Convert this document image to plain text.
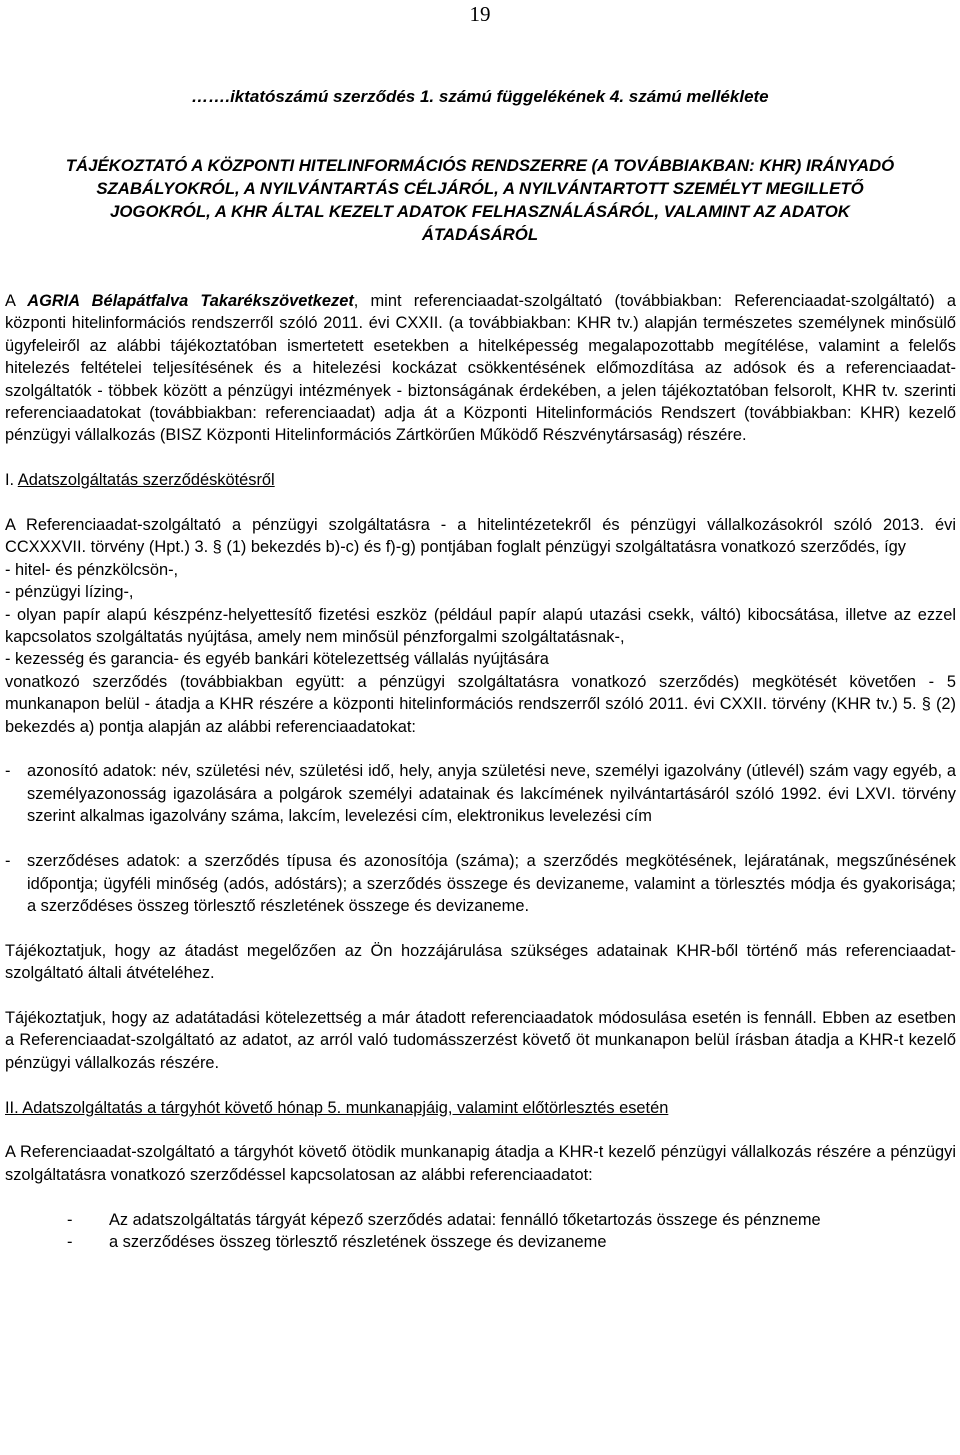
19
…….iktatószámú szerződés 1. számú függelékének 4. számú melléklete
TÁJÉKOZTATÓ A KÖZPONTI HITELINFORMÁCIÓS RENDSZERRE (A TOVÁBBIAKBAN: KHR) IRÁNYADÓ SZABÁLYOKRÓL, A NYILVÁNTARTÁS CÉLJÁRÓL, A NYILVÁNTARTOTT SZEMÉLYT MEGILLETŐ JOGOKRÓL, A KHR ÁLTAL KEZELT ADATOK FELHASZNÁLÁSÁRÓL, VALAMINT AZ ADATOK ÁTADÁSÁRÓL

A AGRIA Bélapátfalva Takarékszövetkezet, mint referenciaadat-szolgáltató (továbbiakban: Referenciaadat-szolgáltató) a központi hitelinformációs rendszerről szóló 2011. évi CXXII. (a továbbiakban: KHR tv.) alapján természetes személynek minősülő ügyfeleiről az alábbi tájékoztatóban ismertetett esetekben a hitelképesség megalapozottabb megítélése, valamint a felelős hitelezés feltételei teljesítésének és a hitelezési kockázat csökkentésének előmozdítása az adósok és a referenciaadat-szolgáltatók - többek között a pénzügyi intézmények - biztonságának érdekében, a jelen tájékoztatóban felsorolt, KHR tv. szerinti referenciaadatokat (továbbiakban: referenciaadat) adja át a Központi Hitelinformációs Rendszert (továbbiakban: KHR) kezelő pénzügyi vállalkozás (BISZ Központi Hitelinformációs Zártkörűen Működő Részvénytársaság) részére.

I. Adatszolgáltatás szerződéskötésről

A Referenciaadat-szolgáltató a pénzügyi szolgáltatásra - a hitelintézetekről és pénzügyi vállalkozásokról szóló 2013. évi CCXXXVII. törvény (Hpt.) 3. § (1) bekezdés b)-c) és f)-g) pontjában foglalt pénzügyi szolgáltatásra vonatkozó szerződés, így

- hitel- és pénzkölcsön-,

- pénzügyi lízing-,

- olyan papír alapú készpénz-helyettesítő fizetési eszköz (például papír alapú utazási csekk, váltó) kibocsátása, illetve az ezzel kapcsolatos szolgáltatás nyújtása, amely nem minősül pénzforgalmi szolgáltatásnak-,

- kezesség és garancia- és egyéb bankári kötelezettség vállalás nyújtására

vonatkozó szerződés (továbbiakban együtt: a pénzügyi szolgáltatásra vonatkozó szerződés) megkötését követően - 5 munkanapon belül - átadja a KHR részére a központi hitelinformációs rendszerről szóló 2011. évi CXXII. törvény (KHR tv.) 5. § (2) bekezdés a) pontja alapján az alábbi referenciaadatokat:

-	azonosító adatok: név, születési név, születési idő, hely, anyja születési neve, személyi igazolvány (útlevél) szám vagy egyéb, a személyazonosság igazolására a polgárok személyi adatainak és lakcímének nyilvántartásáról szóló 1992. évi LXVI. törvény szerint alkalmas igazolvány száma, lakcím, levelezési cím, elektronikus levelezési cím
-	szerződéses adatok: a szerződés típusa és azonosítója (száma); a szerződés megkötésének, lejáratának, megszűnésének időpontja; ügyféli minőség (adós, adóstárs); a szerződés összege és devizaneme, valamint a törlesztés módja és gyakorisága; a szerződéses összeg törlesztő részletének összege és devizaneme.

Tájékoztatjuk, hogy az átadást megelőzően az Ön hozzájárulása szükséges adatainak KHR-ből történő más referenciaadat-szolgáltató általi átvételéhez.

Tájékoztatjuk, hogy az adatátadási kötelezettség a már átadott referenciaadatok módosulása esetén is fennáll. Ebben az esetben a Referenciaadat-szolgáltató az adatot, az arról való tudomásszerzést követő öt munkanapon belül írásban átadja a KHR-t kezelő pénzügyi vállalkozás részére.

II. Adatszolgáltatás a tárgyhót követő hónap 5. munkanapjáig, valamint előtörlesztés esetén

A Referenciaadat-szolgáltató a tárgyhót követő ötödik munkanapig átadja a KHR-t kezelő pénzügyi vállalkozás részére a pénzügyi szolgáltatásra vonatkozó szerződéssel kapcsolatosan az alábbi referenciaadatot:

-	Az adatszolgáltatás tárgyát képező szerződés adatai: fennálló tőketartozás összege és pénzneme
-	a szerződéses összeg törlesztő részletének összege és devizaneme
